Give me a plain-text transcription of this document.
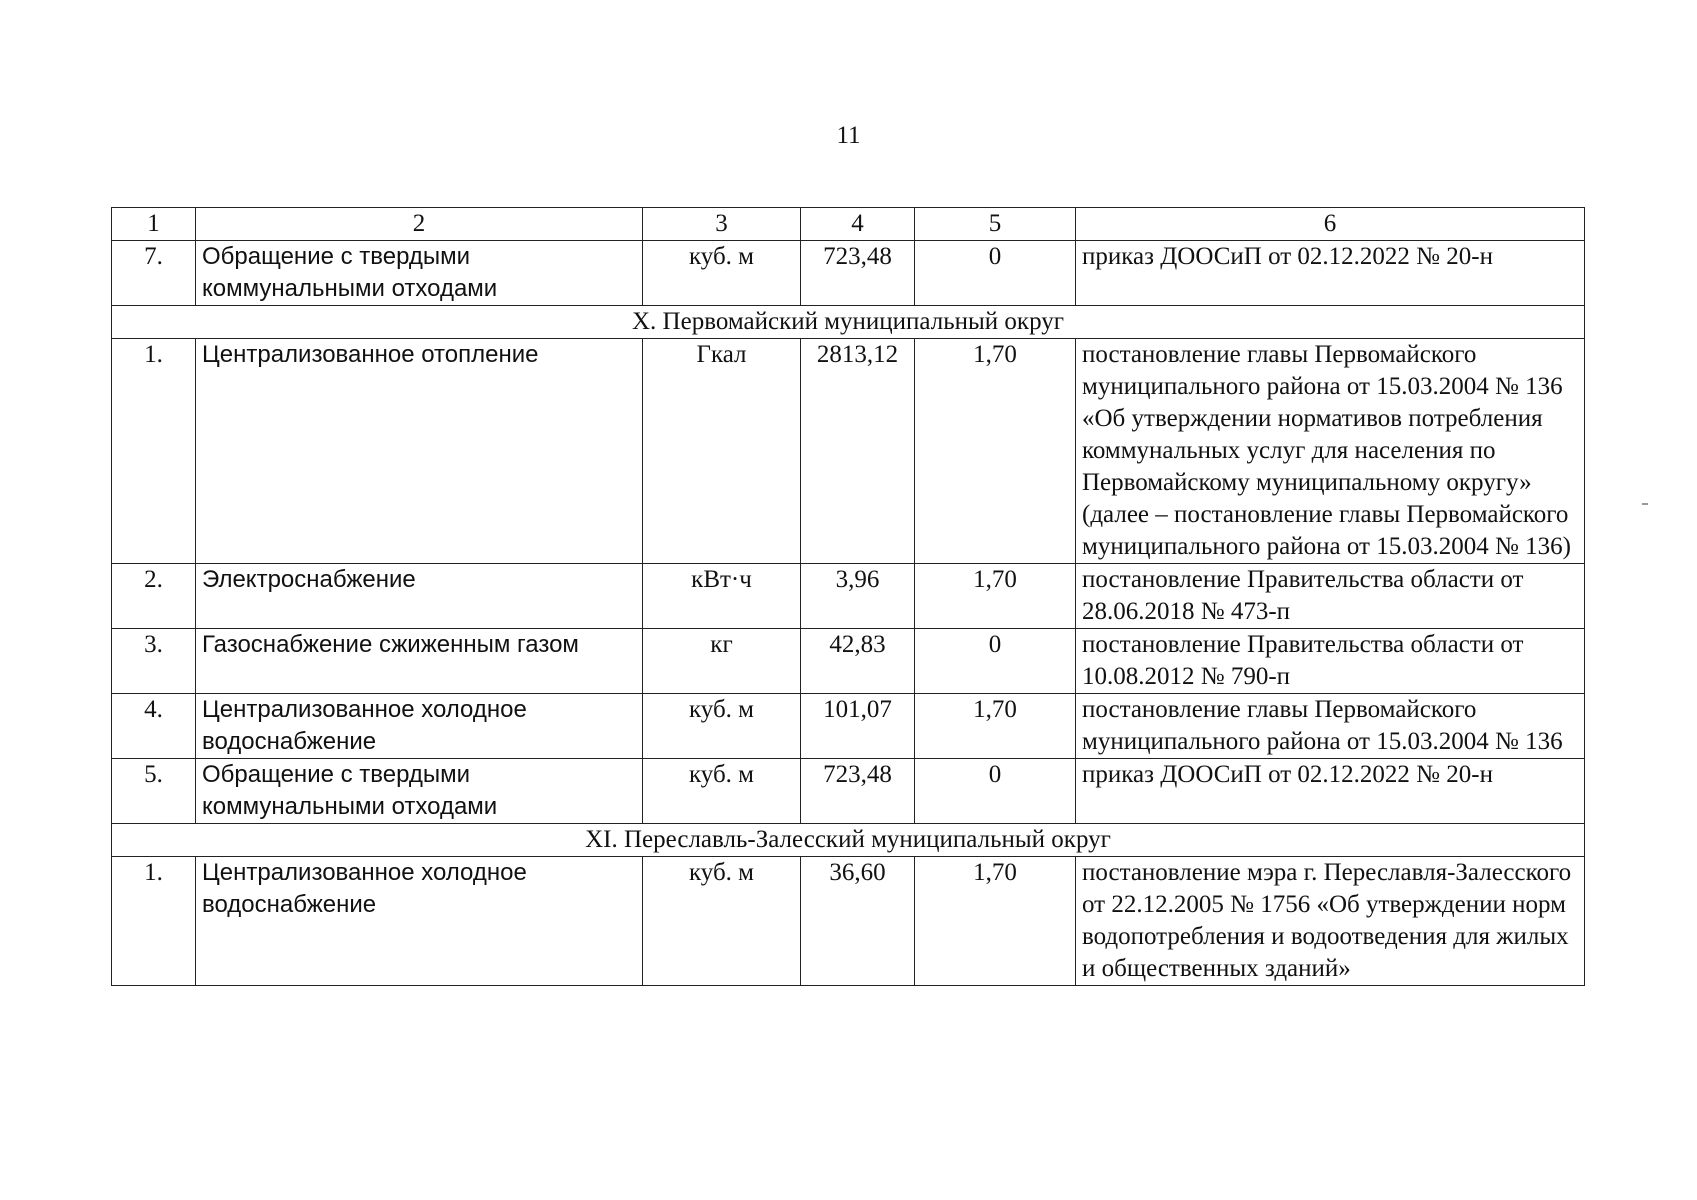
11
1	2	3	4	5	6
7.	Обращение с твердыми коммунальными отходами	куб. м	723,48	0	приказ ДООСиП от 02.12.2022 № 20-н
X. Первомайский муниципальный округ					
1.	Централизованное отопление	Гкал	2813,12	1,70	постановление главы Первомайского муниципального района от 15.03.2004 № 136 «Об утверждении нормативов потребления коммунальных услуг для населения по Первомайскому муниципальному округу» (далее – постановление главы Первомайского муниципального района от 15.03.2004 № 136)
2.	Электроснабжение	кВт·ч	3,96	1,70	постановление Правительства области от 28.06.2018 № 473-п
3.	Газоснабжение сжиженным газом	кг	42,83	0	постановление Правительства области от 10.08.2012 № 790-п
4.	Централизованное холодное водоснабжение	куб. м	101,07	1,70	постановление главы Первомайского муниципального района от 15.03.2004 № 136
5.	Обращение с твердыми коммунальными отходами	куб. м	723,48	0	приказ ДООСиП от 02.12.2022 № 20-н
XI. Переславль-Залесский муниципальный округ					
1.	Централизованное холодное водоснабжение	куб. м	36,60	1,70	постановление мэра г. Переславля-Залесского от 22.12.2005 № 1756 «Об утверждении норм водопотребления и водоотведения для жилых и общественных зданий»
